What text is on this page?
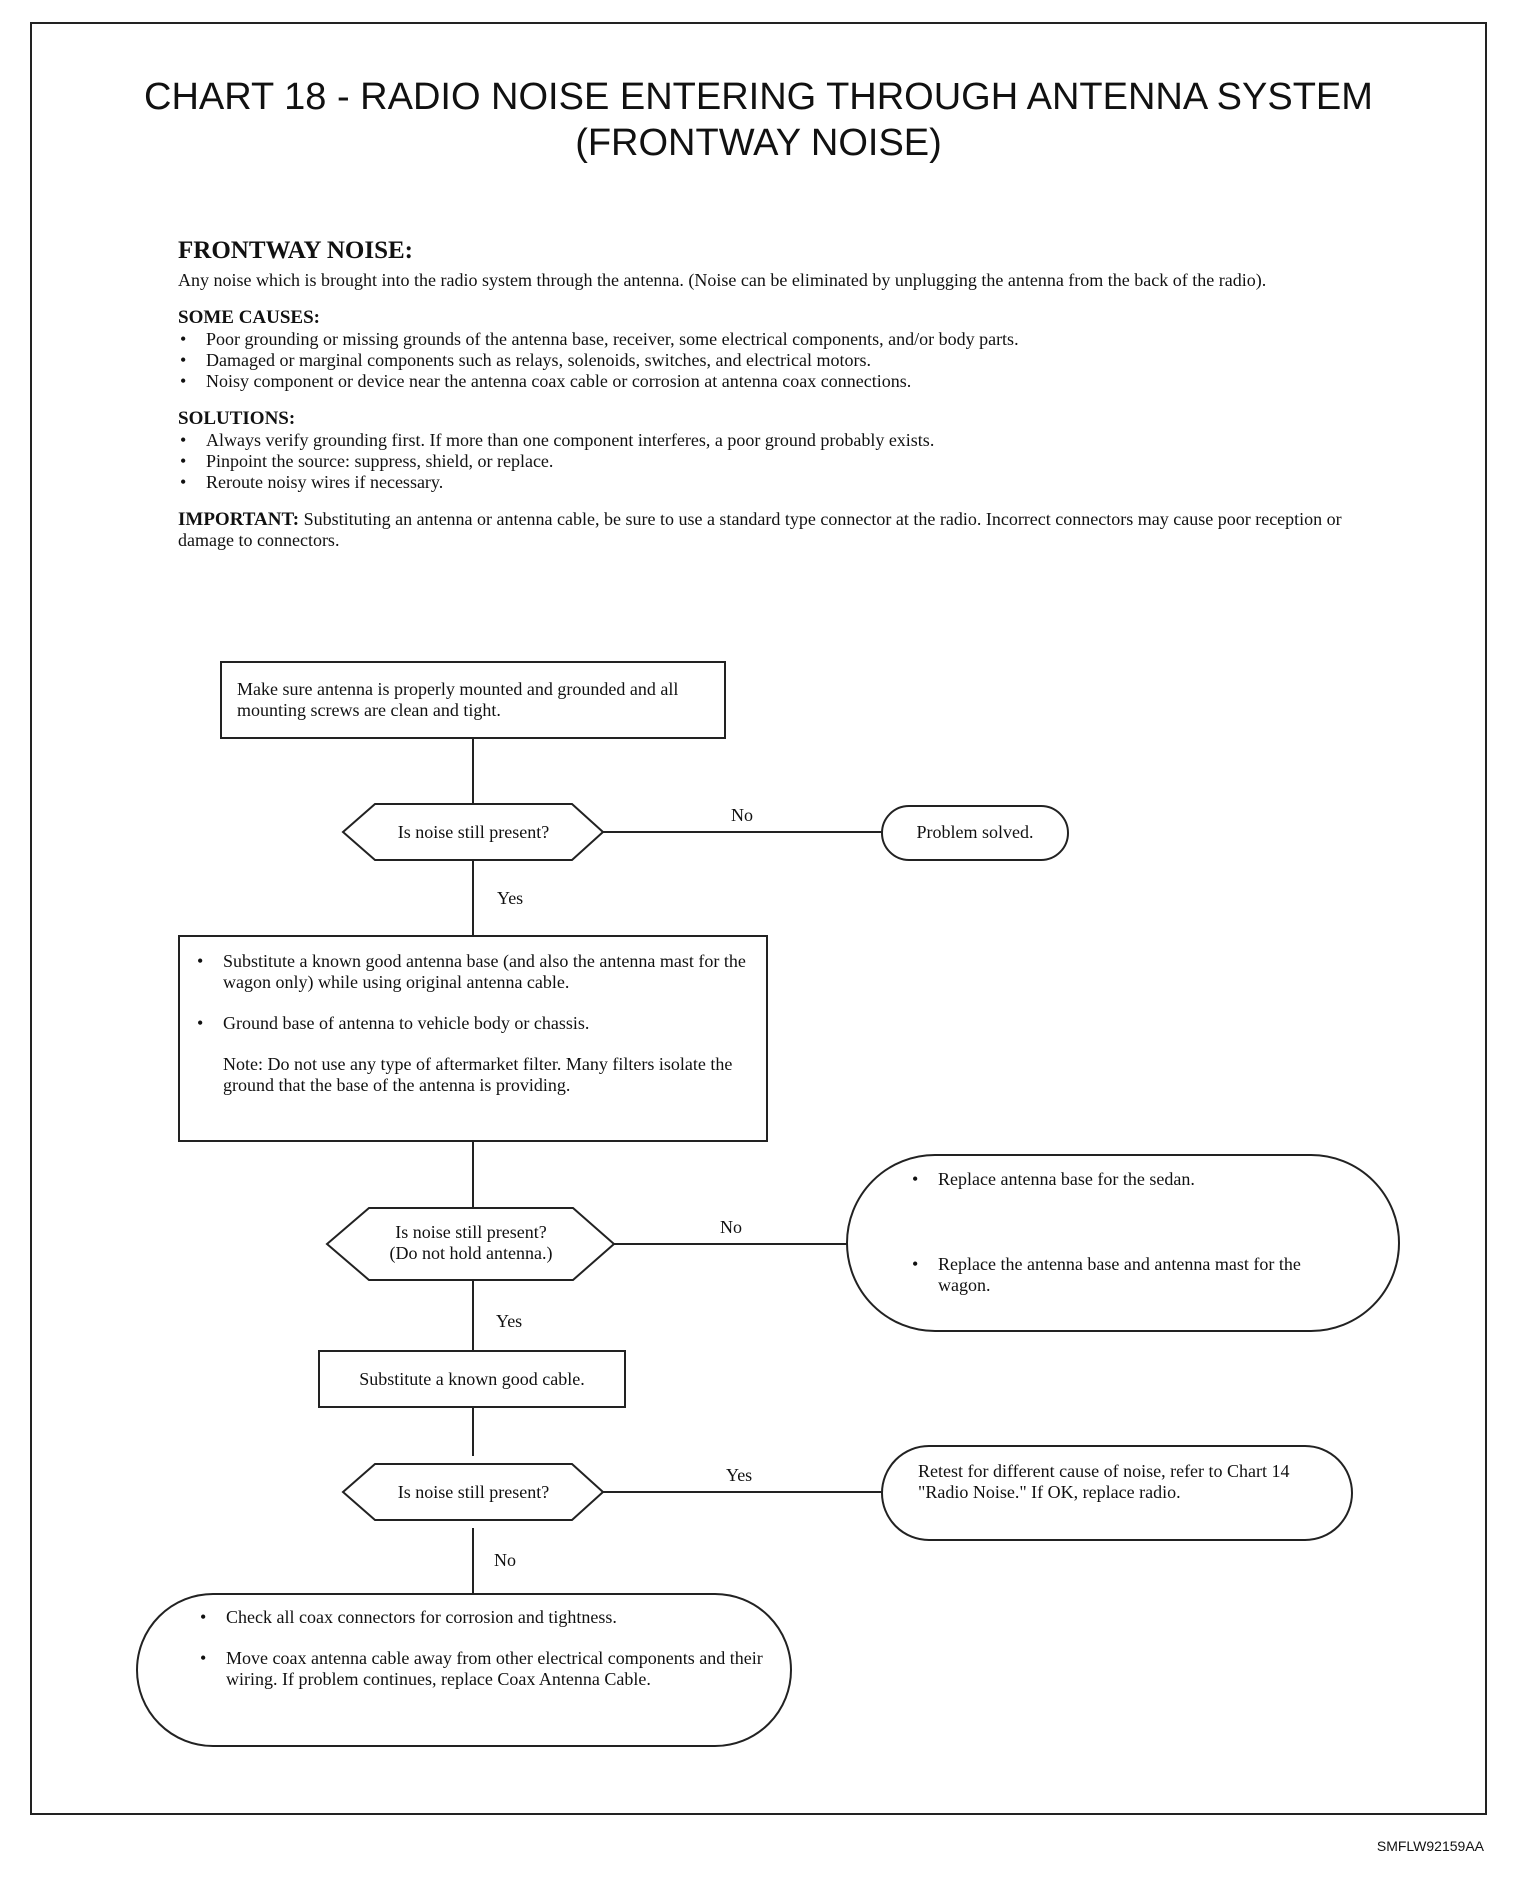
CHART 18 - RADIO NOISE ENTERING THROUGH ANTENNA SYSTEM
(FRONTWAY NOISE)
FRONTWAY NOISE:

Any noise which is brought into the radio system through the antenna. (Noise can be eliminated by unplugging the antenna from the back of the radio).

SOME CAUSES:
• Poor grounding or missing grounds of the antenna base, receiver, some electrical components, and/or body parts.
• Damaged or marginal components such as relays, solenoids, switches, and electrical motors.
• Noisy component or device near the antenna coax cable or corrosion at antenna coax connections.
SOLUTIONS:
• Always verify grounding first. If more than one component interferes, a poor ground probably exists.
• Pinpoint the source: suppress, shield, or replace.
• Reroute noisy wires if necessary.

IMPORTANT: Substituting an antenna or antenna cable, be sure to use a standard type connector at the radio. Incorrect connectors may cause poor reception or damage to connectors.

Make sure antenna is properly mounted and grounded and all mounting screws are clean and tight.
Is noise still present?
No
Yes
Problem solved.
• Substitute a known good antenna base (and also the antenna mast for the wagon only) while using original antenna cable.
• Ground base of antenna to vehicle body or chassis.
Note: Do not use any type of aftermarket filter. Many filters isolate the ground that the base of the antenna is providing.
Is noise still present?
(Do not hold antenna.)
No
Yes
• Replace antenna base for the sedan.
• Replace the antenna base and antenna mast for the wagon.
Substitute a known good cable.
Is noise still present?
Yes
No
Retest for different cause of noise, refer to Chart 14 "Radio Noise." If OK, replace radio.
• Check all coax connectors for corrosion and tightness.
• Move coax antenna cable away from other electrical components and their wiring. If problem continues, replace Coax Antenna Cable.
SMFLW92159AA
